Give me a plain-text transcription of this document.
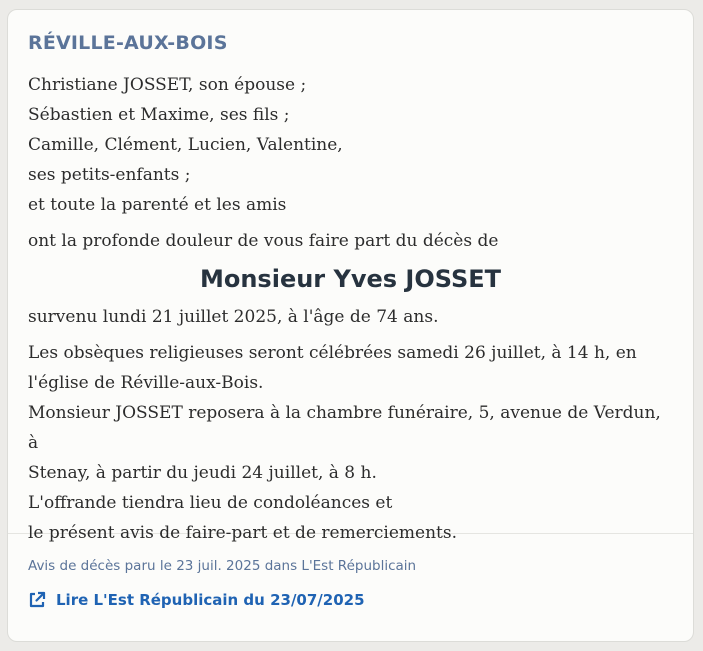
RÉVILLE-AUX-BOIS
Christiane JOSSET, son épouse ;
Sébastien et Maxime, ses fils ;
Camille, Clément, Lucien, Valentine,
ses petits-enfants ;
et toute la parenté et les amis
ont la profonde douleur de vous faire part du décès de
Monsieur Yves JOSSET
survenu lundi 21 juillet 2025, à l'âge de 74 ans.
Les obsèques religieuses seront célébrées samedi 26 juillet, à 14 h, en
l'église de Réville-aux-Bois.
Monsieur JOSSET reposera à la chambre funéraire, 5, avenue de Verdun, à
Stenay, à partir du jeudi 24 juillet, à 8 h.
L'offrande tiendra lieu de condoléances et
le présent avis de faire-part et de remerciements.
Avis de décès paru le 23 juil. 2025 dans L'Est Républicain
Lire L'Est Républicain du 23/07/2025
